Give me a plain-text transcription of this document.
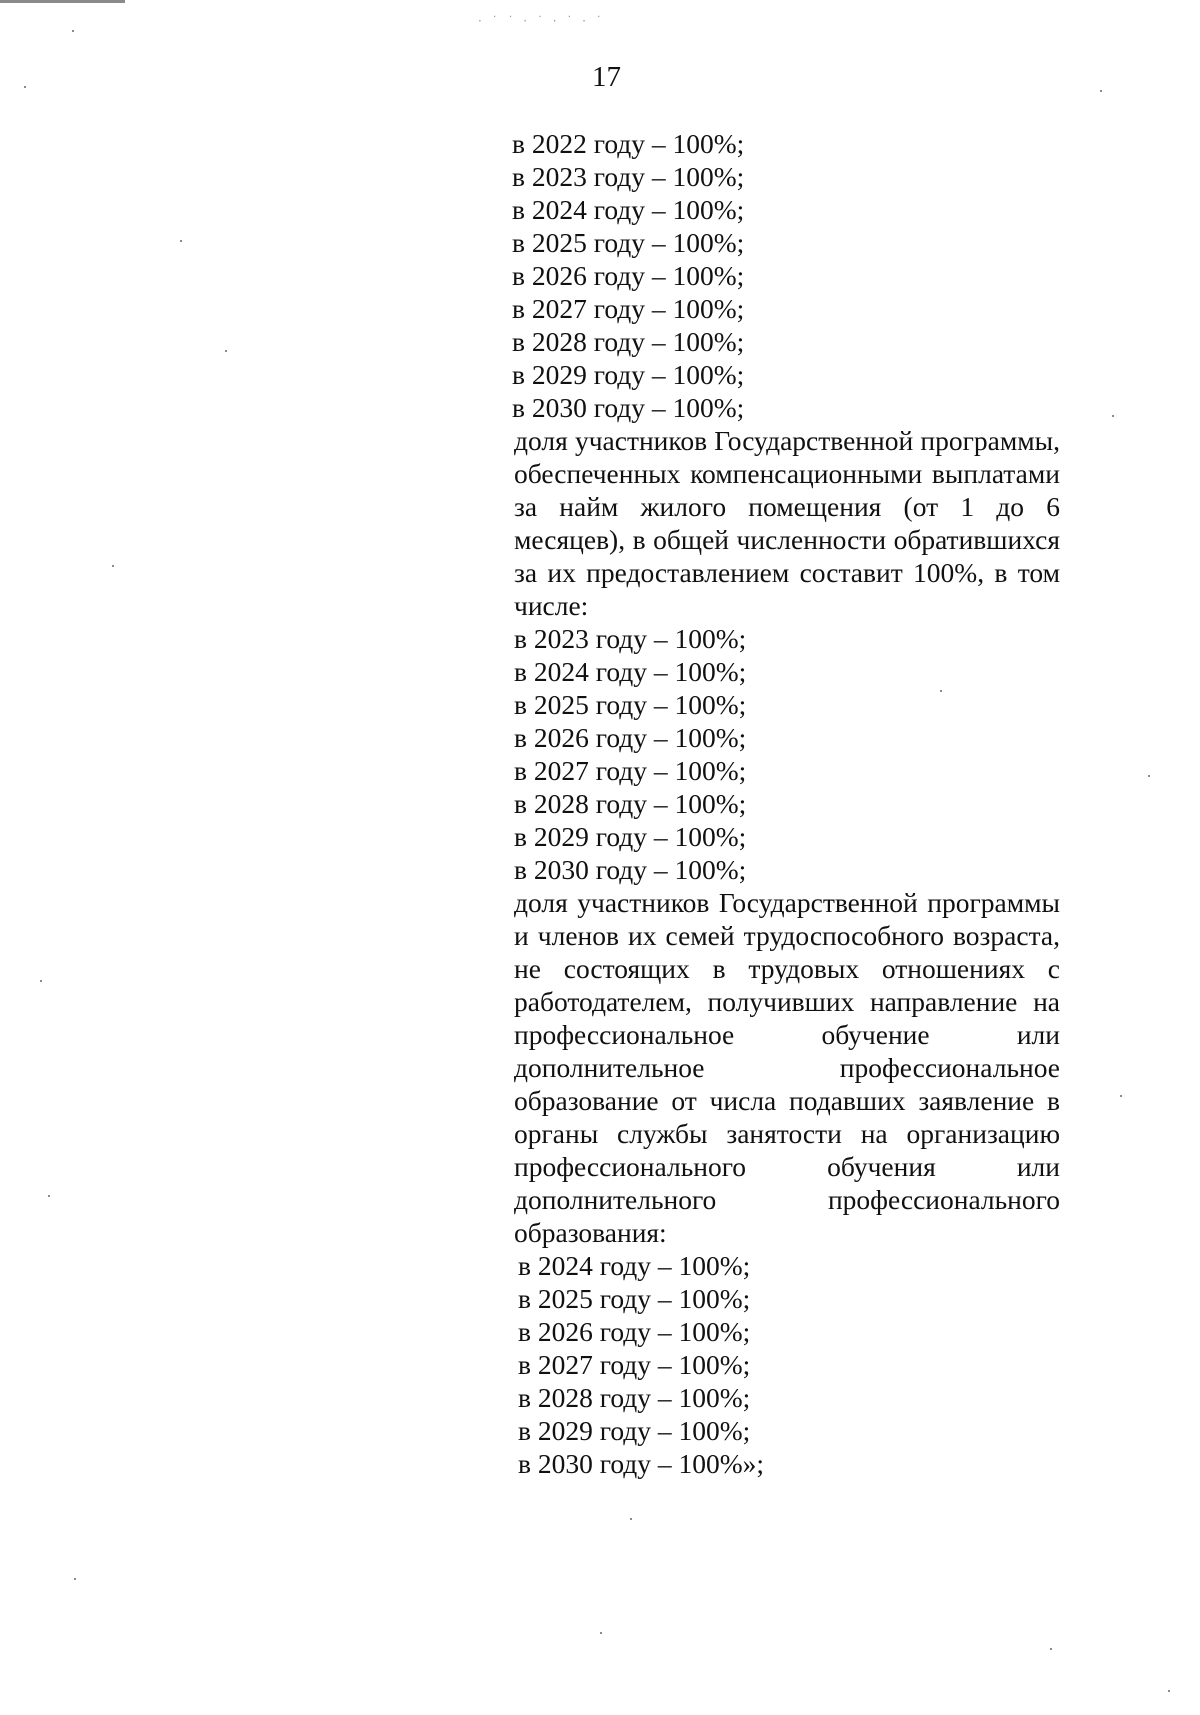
· ˙ ˙ · ˙ · ˙ · ˙
17
в 2022 году – 100%;
в 2023 году – 100%;
в 2024 году – 100%;
в 2025 году – 100%;
в 2026 году – 100%;
в 2027 году – 100%;
в 2028 году – 100%;
в 2029 году – 100%;
в 2030 году – 100%;
доля участников Государственной программы, обеспеченных компенсационными выплатами за найм жилого помещения (от 1 до 6 месяцев), в общей численности обратившихся за их предоставлением составит 100%, в том числе:
в 2023 году – 100%;
в 2024 году – 100%;
в 2025 году – 100%;
в 2026 году – 100%;
в 2027 году – 100%;
в 2028 году – 100%;
в 2029 году – 100%;
в 2030 году – 100%;
доля участников Государственной программы и членов их семей трудоспособного возраста, не состоящих в трудовых отношениях с работодателем, получивших направление на профессиональное обучение или дополнительное профессиональное образование от числа подавших заявление в органы службы занятости на организацию профессионального обучения или дополнительного профессионального образования:
в 2024 году – 100%;
в 2025 году – 100%;
в 2026 году – 100%;
в 2027 году – 100%;
в 2028 году – 100%;
в 2029 году – 100%;
в 2030 году – 100%»;
